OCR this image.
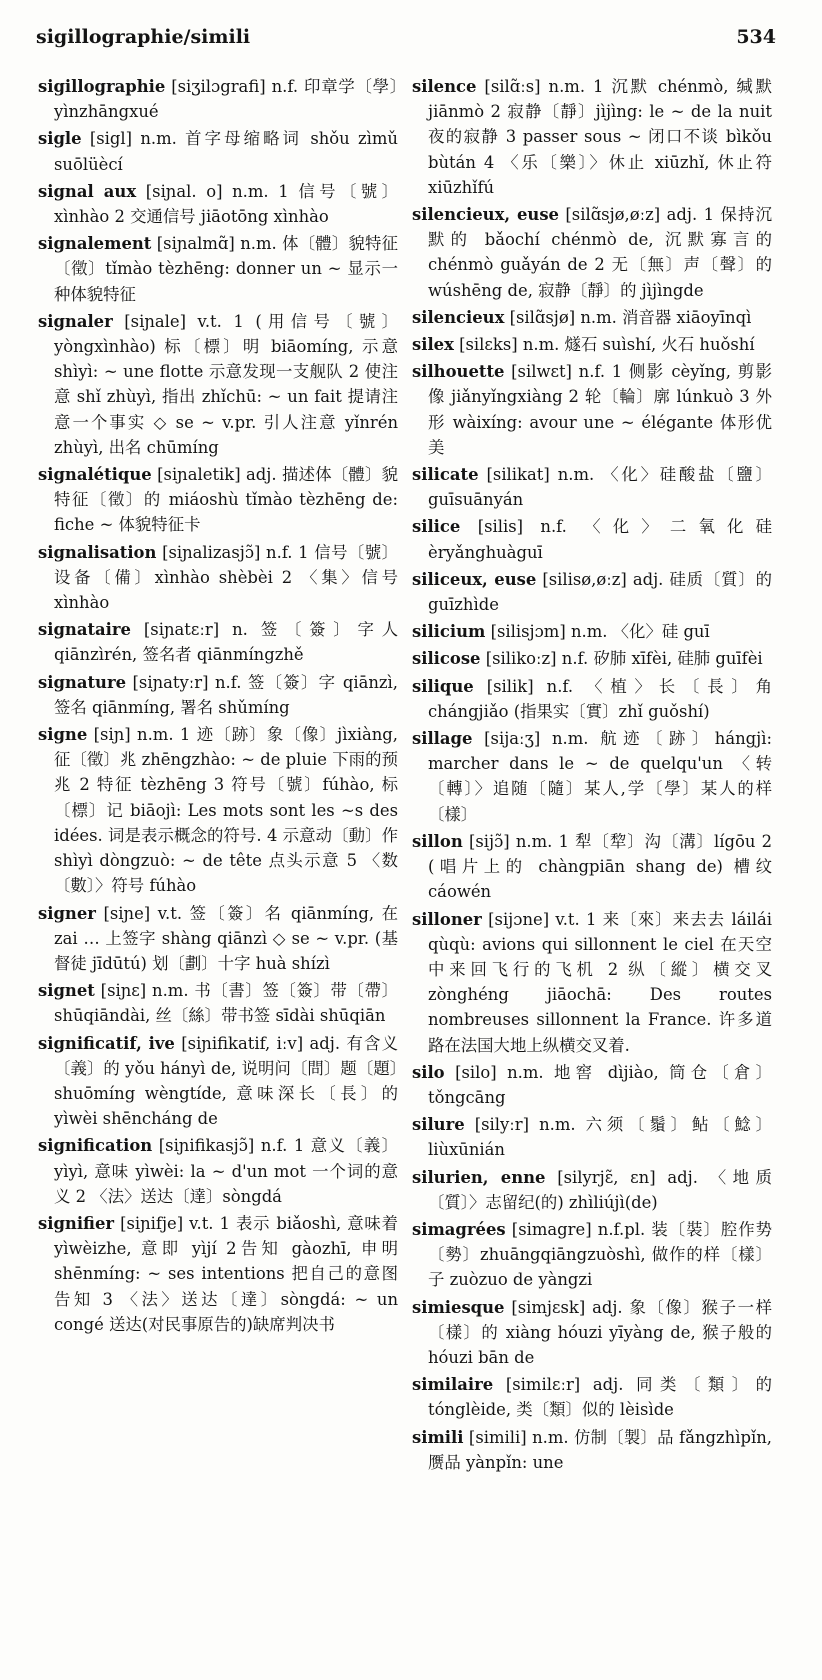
sigillographie/simili	534

sigillographie [siʒilɔgrafi] n.f. 印章学〔學〕yìnzhāngxué

sigle [sigl] n.m. 首字母缩略词 shǒu zìmǔ suōlüècí

signal aux [siɲal. o] n.m. 1 信号〔號〕xìnhào 2 交通信号 jiāotōng xìnhào

signalement [siɲalmɑ̃] n.m. 体〔體〕貌特征〔徵〕tǐmào tèzhēng: donner un ~ 显示一种体貌特征

signaler [siɲale] v.t. 1 (用信号〔號〕yòngxìnhào) 标〔標〕明 biāomíng, 示意 shìyì: ~ une flotte 示意发现一支舰队 2 使注意 shǐ zhùyì, 指出 zhǐchū: ~ un fait 提请注意一个事实 ◇ se ~ v.pr. 引人注意 yǐnrén zhùyì, 出名 chūmíng

signalétique [siɲaletik] adj. 描述体〔體〕貌特征〔徵〕的 miáoshù tǐmào tèzhēng de: fiche ~ 体貌特征卡

signalisation [siɲalizasjɔ̃] n.f. 1 信号〔號〕设备〔備〕xìnhào shèbèi 2 〈集〉信号 xìnhào

signataire [siɲatɛːr] n. 签〔簽〕字人 qiānzìrén, 签名者 qiānmíngzhě

signature [siɲatyːr] n.f. 签〔簽〕字 qiānzì, 签名 qiānmíng, 署名 shǔmíng

signe [siɲ] n.m. 1 迹〔跡〕象〔像〕jìxiàng, 征〔徵〕兆 zhēngzhào: ~ de pluie 下雨的预兆 2 特征 tèzhēng 3 符号〔號〕fúhào, 标〔標〕记 biāojì: Les mots sont les ~s des idées. 词是表示概念的符号. 4 示意动〔動〕作 shìyì dòngzuò: ~ de tête 点头示意 5 〈数〔數〕〉符号 fúhào

signer [siɲe] v.t. 签〔簽〕名 qiānmíng, 在 zai … 上签字 shàng qiānzì ◇ se ~ v.pr. (基督徒 jīdūtú) 划〔劃〕十字 huà shízì

signet [siɲɛ] n.m. 书〔書〕签〔簽〕带〔帶〕shūqiāndài, 丝〔絲〕带书签 sīdài shūqiān

significatif, ive [siɲifikatif, iːv] adj. 有含义〔義〕的 yǒu hányì de, 说明问〔問〕题〔題〕shuōmíng wèngtíde, 意味深长〔長〕的 yìwèi shēncháng de

signification [siɲifikasjɔ̃] n.f. 1 意义〔義〕yìyì, 意味 yìwèi: la ~ d'un mot 一个词的意义 2 〈法〉送达〔達〕sòngdá

signifier [siɲifje] v.t. 1 表示 biǎoshì, 意味着 yìwèizhe, 意即 yìjí 2告知 gàozhī, 申明 shēnmíng: ~ ses intentions 把自己的意图告知 3 〈法〉送达〔達〕sòngdá: ~ un congé 送达(对民事原告的)缺席判决书

silence [silɑ̃ːs] n.m. 1 沉默 chénmò, 缄默 jiānmò 2 寂静〔靜〕jìjìng: le ~ de la nuit 夜的寂静 3 passer sous ~ 闭口不谈 bìkǒu bùtán 4 〈乐〔樂〕〉休止 xiūzhǐ, 休止符 xiūzhǐfú

silencieux, euse [silɑ̃sjø,øːz] adj. 1 保持沉默的 bǎochí chénmò de, 沉默寡言的 chénmò guǎyán de 2 无〔無〕声〔聲〕的 wúshēng de, 寂静〔靜〕的 jìjìngde

silencieux [silɑ̃sjø] n.m. 消音器 xiāoyīnqì

silex [silɛks] n.m. 燧石 suìshí, 火石 huǒshí

silhouette [silwɛt] n.f. 1 侧影 cèyǐng, 剪影像 jiǎnyǐngxiàng 2 轮〔輪〕廓 lúnkuò 3 外形 wàixíng: avour une ~ élégante 体形优美

silicate [silikat] n.m. 〈化〉硅酸盐〔鹽〕guīsuānyán

silice [silis] n.f. 〈化〉二氧化硅 èryǎnghuàguī

siliceux, euse [silisø,øːz] adj. 硅质〔質〕的 guīzhìde

silicium [silisjɔm] n.m. 〈化〉硅 guī

silicose [silikoːz] n.f. 矽肺 xīfèi, 硅肺 guīfèi

silique [silik] n.f. 〈植〉长〔長〕角 chángjiǎo (指果实〔實〕zhǐ guǒshí)

sillage [sijaːʒ] n.m. 航迹〔跡〕hángjì: marcher dans le ~ de quelqu'un 〈转〔轉〕〉追随〔隨〕某人,学〔學〕某人的样〔樣〕

sillon [sijɔ̃] n.m. 1 犁〔犂〕沟〔溝〕lígōu 2 (唱片上的 chàngpiān shang de) 槽纹 cáowén

silloner [sijɔne] v.t. 1 来〔來〕来去去 láilái qùqù: avions qui sillonnent le ciel 在天空中来回飞行的飞机 2 纵〔縱〕横交叉 zònghéng jiāochā: Des routes nombreuses sillonnent la France. 许多道路在法国大地上纵横交叉着.

silo [silo] n.m. 地窖 dìjiào, 筒仓〔倉〕tǒngcāng

silure [silyːr] n.m. 六须〔鬚〕鲇〔鯰〕liùxūnián

silurien, enne [silyrjɛ̃, ɛn] adj. 〈地质〔質〕〉志留纪(的) zhìliújì(de)

simagrées [simagre] n.f.pl. 装〔裝〕腔作势〔勢〕zhuāngqiāngzuòshì, 做作的样〔樣〕子 zuòzuo de yàngzi

simiesque [simjɛsk] adj. 象〔像〕猴子一样〔樣〕的 xiàng hóuzi yīyàng de, 猴子般的 hóuzi bān de

similaire [similɛːr] adj. 同类〔類〕的 tónglèide, 类〔類〕似的 lèisìde

simili [simili] n.m. 仿制〔製〕品 fǎngzhìpǐn, 赝品 yànpǐn: une
